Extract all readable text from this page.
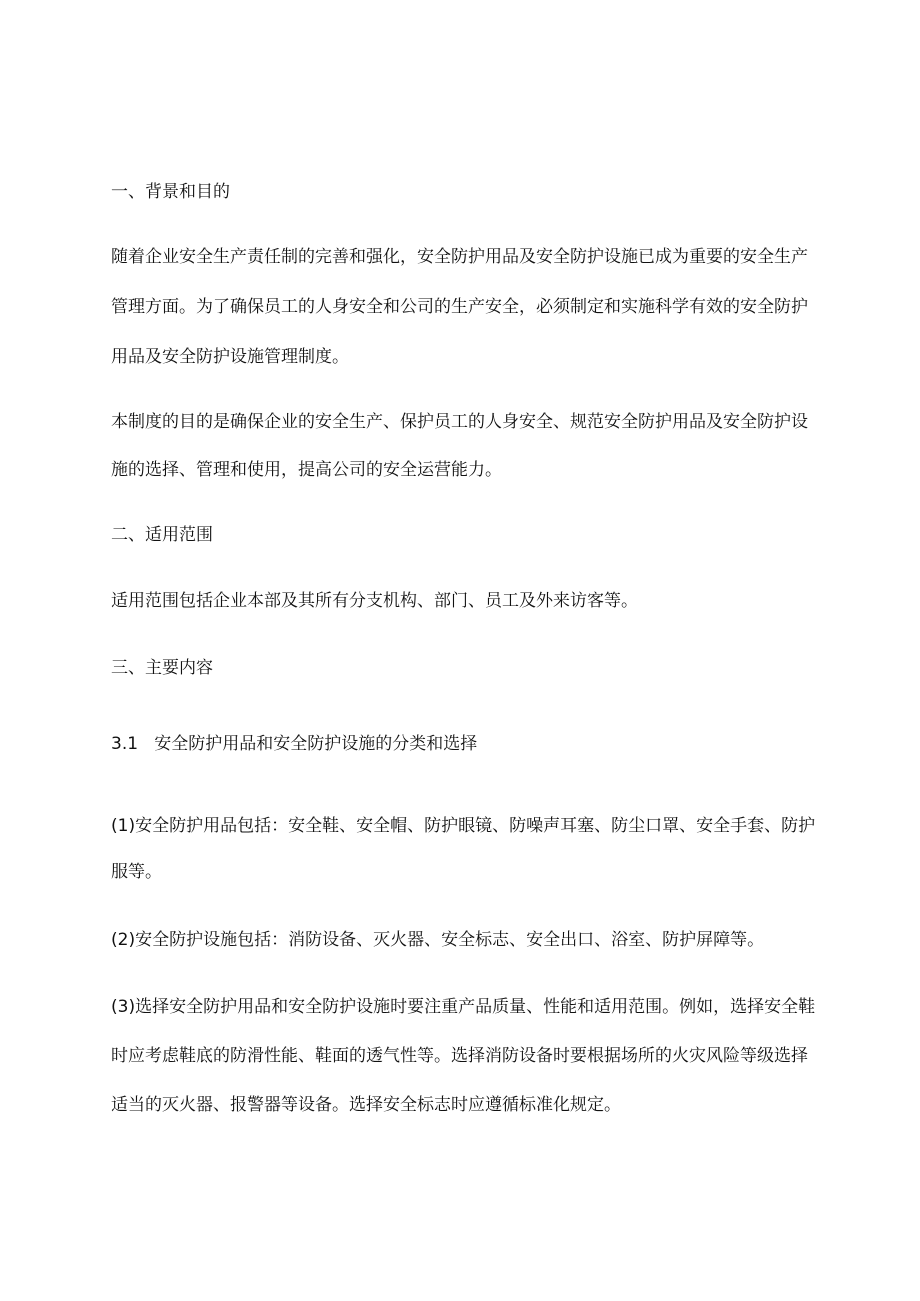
一、背景和目的
随着企业安全生产责任制的完善和强化，安全防护用品及安全防护设施已成为重要的安全生产
管理方面。为了确保员工的人身安全和公司的生产安全，必须制定和实施科学有效的安全防护
用品及安全防护设施管理制度。
本制度的目的是确保企业的安全生产、保护员工的人身安全、规范安全防护用品及安全防护设
施的选择、管理和使用，提高公司的安全运营能力。
二、适用范围
适用范围包括企业本部及其所有分支机构、部门、员工及外来访客等。
三、主要内容
3.1   安全防护用品和安全防护设施的分类和选择
(1)安全防护用品包括：安全鞋、安全帽、防护眼镜、防噪声耳塞、防尘口罩、安全手套、防护
服等。
(2)安全防护设施包括：消防设备、灭火器、安全标志、安全出口、浴室、防护屏障等。
(3)选择安全防护用品和安全防护设施时要注重产品质量、性能和适用范围。例如，选择安全鞋
时应考虑鞋底的防滑性能、鞋面的透气性等。选择消防设备时要根据场所的火灾风险等级选择
适当的灭火器、报警器等设备。选择安全标志时应遵循标准化规定。
